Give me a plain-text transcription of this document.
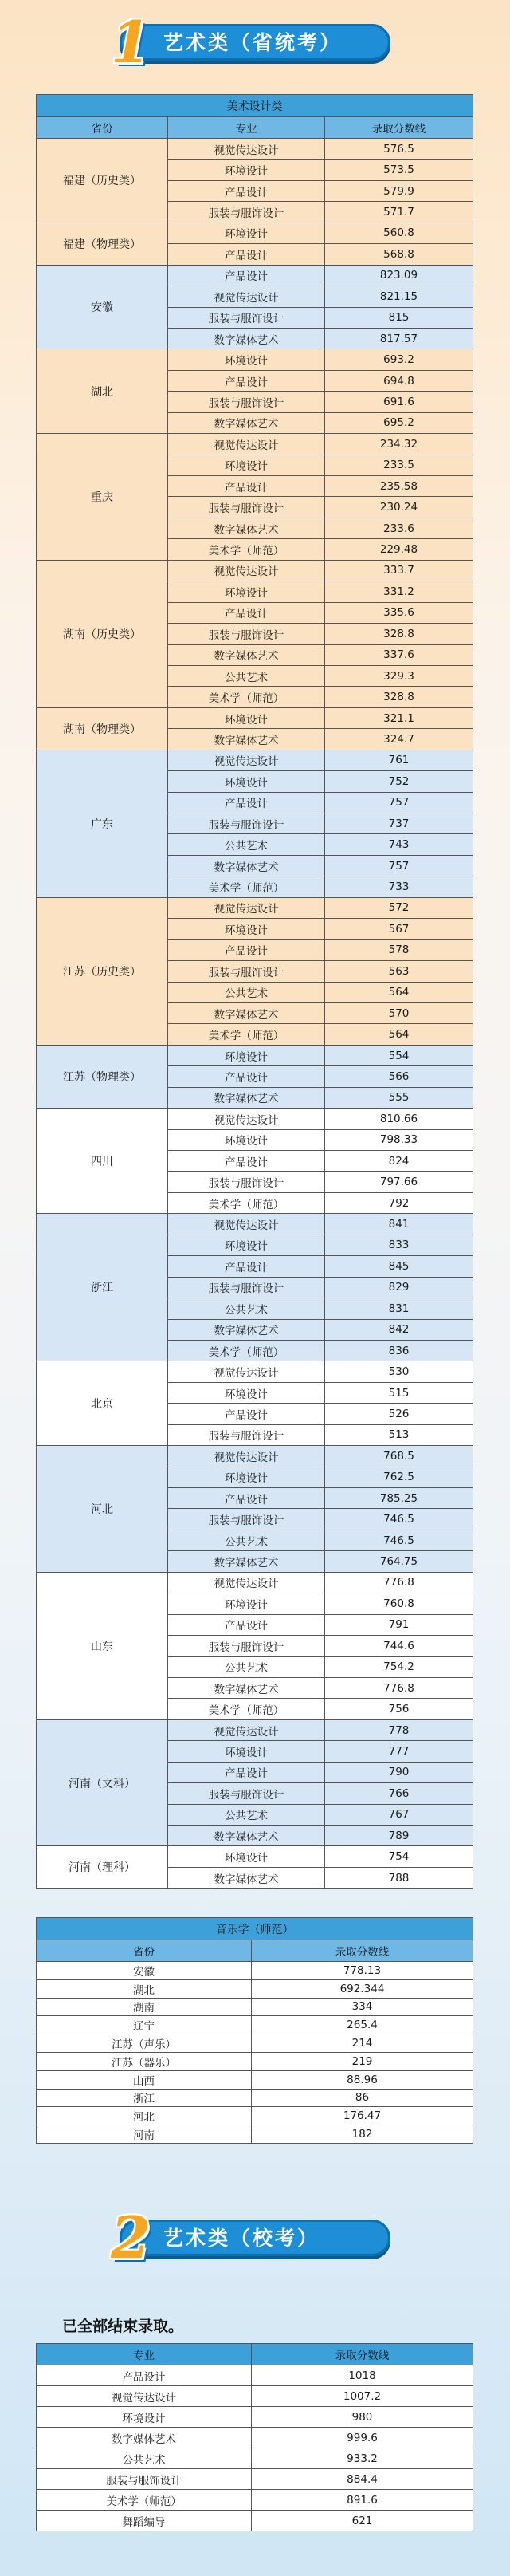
1 艺术类（省统考）
美术设计类		
省份	专业	录取分数线
福建（历史类）	视觉传达设计	576.5
	环境设计	573.5
	产品设计	579.9
	服装与服饰设计	571.7
福建（物理类）	环境设计	560.8
	产品设计	568.8
安徽	产品设计	823.09
	视觉传达设计	821.15
	服装与服饰设计	815
	数字媒体艺术	817.57
湖北	环境设计	693.2
	产品设计	694.8
	服装与服饰设计	691.6
	数字媒体艺术	695.2
重庆	视觉传达设计	234.32
	环境设计	233.5
	产品设计	235.58
	服装与服饰设计	230.24
	数字媒体艺术	233.6
	美术学（师范）	229.48
湖南（历史类）	视觉传达设计	333.7
	环境设计	331.2
	产品设计	335.6
	服装与服饰设计	328.8
	数字媒体艺术	337.6
	公共艺术	329.3
	美术学（师范）	328.8
湖南（物理类）	环境设计	321.1
	数字媒体艺术	324.7
广东	视觉传达设计	761
	环境设计	752
	产品设计	757
	服装与服饰设计	737
	公共艺术	743
	数字媒体艺术	757
	美术学（师范）	733
江苏（历史类）	视觉传达设计	572
	环境设计	567
	产品设计	578
	服装与服饰设计	563
	公共艺术	564
	数字媒体艺术	570
	美术学（师范）	564
江苏（物理类）	环境设计	554
	产品设计	566
	数字媒体艺术	555
四川	视觉传达设计	810.66
	环境设计	798.33
	产品设计	824
	服装与服饰设计	797.66
	美术学（师范）	792
浙江	视觉传达设计	841
	环境设计	833
	产品设计	845
	服装与服饰设计	829
	公共艺术	831
	数字媒体艺术	842
	美术学（师范）	836
北京	视觉传达设计	530
	环境设计	515
	产品设计	526
	服装与服饰设计	513
河北	视觉传达设计	768.5
	环境设计	762.5
	产品设计	785.25
	服装与服饰设计	746.5
	公共艺术	746.5
	数字媒体艺术	764.75
山东	视觉传达设计	776.8
	环境设计	760.8
	产品设计	791
	服装与服饰设计	744.6
	公共艺术	754.2
	数字媒体艺术	776.8
	美术学（师范）	756
河南（文科）	视觉传达设计	778
	环境设计	777
	产品设计	790
	服装与服饰设计	766
	公共艺术	767
	数字媒体艺术	789
河南（理科）	环境设计	754
	数字媒体艺术	788
音乐学（师范）	
省份	录取分数线
安徽	778.13
湖北	692.344
湖南	334
辽宁	265.4
江苏（声乐）	214
江苏（器乐）	219
山西	88.96
浙江	86
河北	176.47
河南	182
2 艺术类（校考）
已全部结束录取。
专业	录取分数线
产品设计	1018
视觉传达设计	1007.2
环境设计	980
数字媒体艺术	999.6
公共艺术	933.2
服装与服饰设计	884.4
美术学（师范）	891.6
舞蹈编导	621
